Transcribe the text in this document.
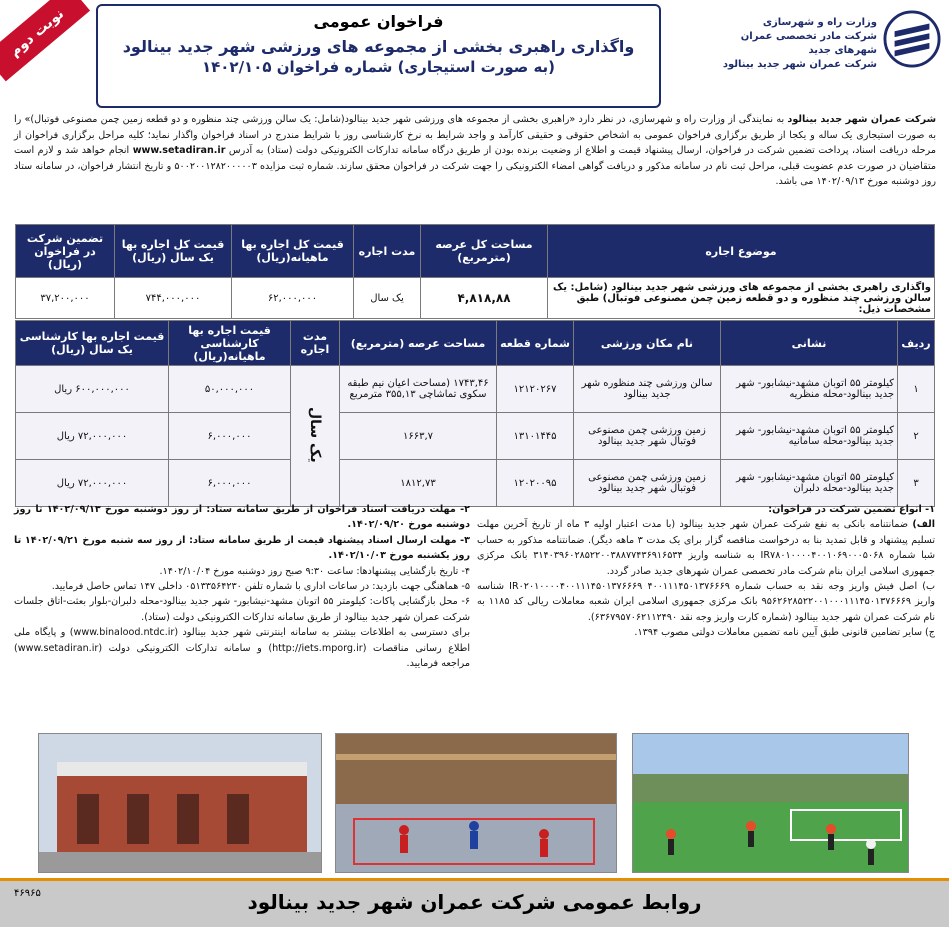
نوبت دوم	وزارت راه و شهرسازی
شرکت مادر تخصصی عمران شهرهای جدید
شرکت عمران شهر جدید بینالود
فراخوان عمومی
واگذاری راهبری بخشی از مجموعه های ورزشی شهر جدید بینالود
(به صورت استیجاری) شماره فراخوان ۱۴۰۲/۱۰۵
شرکت عمران شهر جدید بینالود به نمایندگی از وزارت راه و شهرسازی، در نظر دارد «راهبری بخشی از مجموعه های ورزشی شهر جدید بینالود(شامل: یک سالن ورزشی چند منظوره و دو قطعه زمین چمن مصنوعی فوتبال)» را به صورت استیجاری یک ساله و یکجا از طریق برگزاری فراخوان عمومی به اشخاص حقوقی و حقیقی کارآمد و واجد شرایط به نرخ کارشناسی روز با شرایط مندرج در اسناد فراخوان واگذار نماید؛ کلیه مراحل برگزاری فراخوان از مرحله دریافت اسناد، پرداخت تضمین شرکت در فراخوان، ارسال پیشنهاد قیمت و اطلاع از وضعیت برنده بودن از طریق درگاه سامانه تدارکات الکترونیکی دولت (ستاد) به آدرس www.setadiran.ir انجام خواهد شد و لازم است متقاضیان در صورت عدم عضویت قبلی، مراحل ثبت نام در سامانه مذکور و دریافت گواهی امضاء الکترونیکی را جهت شرکت در فراخوان محقق سازند. شماره ثبت مزایده ۵۰۰۲۰۰۱۲۸۲۰۰۰۰۰۳ و تاریخ انتشار فراخوان، در سامانه ستاد روز دوشنبه مورخ ۱۴۰۲/۰۹/۱۳ می باشد.
موضوع اجاره	مساحت کل عرصه (مترمربع)	مدت اجاره	قیمت کل اجاره بها ماهیانه(ریال)	قیمت کل اجاره بها یک سال (ریال)	تضمین شرکت در فراخوان (ریال)
واگذاری راهبری بخشی از مجموعه های ورزشی شهر جدید بینالود (شامل: یک سالن ورزشی چند منظوره و دو قطعه زمین چمن مصنوعی فوتبال) طبق مشخصات ذیل:	۴,۸۱۸,۸۸	یک سال	۶۲,۰۰۰,۰۰۰	۷۴۴,۰۰۰,۰۰۰	۳۷,۲۰۰,۰۰۰
ردیف	نشانی	نام مکان ورزشی	شماره قطعه	مساحت عرصه (مترمربع)	مدت اجاره	قیمت اجاره بها کارشناسی ماهیانه(ریال)	قیمت اجاره بها کارشناسی یک سال (ریال)
۱	کیلومتر ۵۵ اتوبان مشهد-نیشابور- شهر جدید بینالود-محله منظریه	سالن ورزشی چند منظوره شهر جدید بینالود	۱۲۱۲۰۲۶۷	۱۷۴۳,۴۶ (مساحت اعیان نیم طبقه سکوی تماشاچی ۳۵۵,۱۳ مترمربع	یک سال	۵۰,۰۰۰,۰۰۰	۶۰۰,۰۰۰,۰۰۰ ریال
۲	کیلومتر ۵۵ اتوبان مشهد-نیشابور- شهر جدید بینالود-محله سامانیه	زمین ورزشی چمن مصنوعی فوتبال شهر جدید بینالود	۱۳۱۰۱۴۴۵	۱۶۶۳,۷		۶,۰۰۰,۰۰۰	۷۲,۰۰۰,۰۰۰ ریال
۳	کیلومتر ۵۵ اتوبان مشهد-نیشابور- شهر جدید بینالود-محله دلبران	زمین ورزشی چمن مصنوعی فوتبال شهر جدید بینالود	۱۲۰۲۰۰۹۵	۱۸۱۲,۷۳		۶,۰۰۰,۰۰۰	۷۲,۰۰۰,۰۰۰ ریال
۱- انواع تضمین شرکت در فراخوان:
الف) ضمانتنامه بانکی به نفع شرکت عمران شهر جدید بینالود (با مدت اعتبار اولیه ۳ ماه از تاریخ آخرین مهلت تسلیم پیشنهاد و قابل تمدید بنا به درخواست مناقصه گزار برای یک مدت ۳ ماهه دیگر). ضمانتنامه مذکور به حساب شبا شماره IR۷۸۰۱۰۰۰۰۴۰۰۱۰۶۹۰۰۰۵۰۶۸ به شناسه واریز ۳۱۴۰۳۹۶۰۲۸۵۲۲۰۰۳۸۸۷۷۴۳۶۹۱۶۵۳۴ بانک مرکزی جمهوری اسلامی ایران بنام شرکت مادر تخصصی عمران شهرهای جدید صادر گردد.
ب) اصل فیش واریز وجه نقد به حساب شماره ۴۰۰۱۱۱۴۵۰۱۳۷۶۶۶۹ IR۰۲۰۱۰۰۰۰۴۰۰۱۱۱۴۵۰۱۳۷۶۶۶۹ شناسه واریز ۹۵۶۲۶۲۸۵۲۲۰۰۱۰۰۰۱۱۱۴۵۰۱۳۷۶۶۶۹ بانک مرکزی جمهوری اسلامی ایران شعبه معاملات ریالی کد ۱۱۸۵ به نام شرکت عمران شهر جدید بینالود (شماره کارت واریز وجه نقد ۶۳۶۷۹۵۷۰۶۲۱۱۲۴۹۰).
ج) سایر تضامین قانونی طبق آیین نامه تضمین معاملات دولتی مصوب ۱۳۹۴.
۲- مهلت دریافت اسناد فراخوان از طریق سامانه ستاد: از روز دوشنبه مورخ ۱۴۰۲/۰۹/۱۳ تا روز دوشنبه مورخ ۱۴۰۲/۰۹/۲۰.
۳- مهلت ارسال اسناد پیشنهاد قیمت از طریق سامانه ستاد: از روز سه شنبه مورخ ۱۴۰۲/۰۹/۲۱ تا روز یکشنبه مورخ ۱۴۰۲/۱۰/۰۳.
۴- تاریخ بازگشایی پیشنهادها: ساعت ۹:۳۰ صبح روز دوشنبه مورخ ۱۴۰۲/۱۰/۰۴.
۵- هماهنگی جهت بازدید: در ساعات اداری با شماره تلفن ۰۵۱۳۳۵۶۴۲۳۰ داخلی ۱۴۷ تماس حاصل فرمایید.
۶- محل بازگشایی پاکات: کیلومتر ۵۵ اتوبان مشهد-نیشابور- شهر جدید بینالود-محله دلبران-بلوار بعثت-اتاق جلسات شرکت عمران شهر جدید بینالود از طریق سامانه تدارکات الکترونیکی دولت (ستاد).
برای دسترسی به اطلاعات بیشتر به سامانه اینترنتی شهر جدید بینالود (www.binalood.ntdc.ir) و پایگاه ملی اطلاع رسانی مناقصات (http://iets.mporg.ir) و سامانه تدارکات الکترونیکی دولت (www.setadiran.ir) مراجعه فرمایید.
روابط عمومی شرکت عمران شهر جدید بینالود
۴۶۹۶۵
